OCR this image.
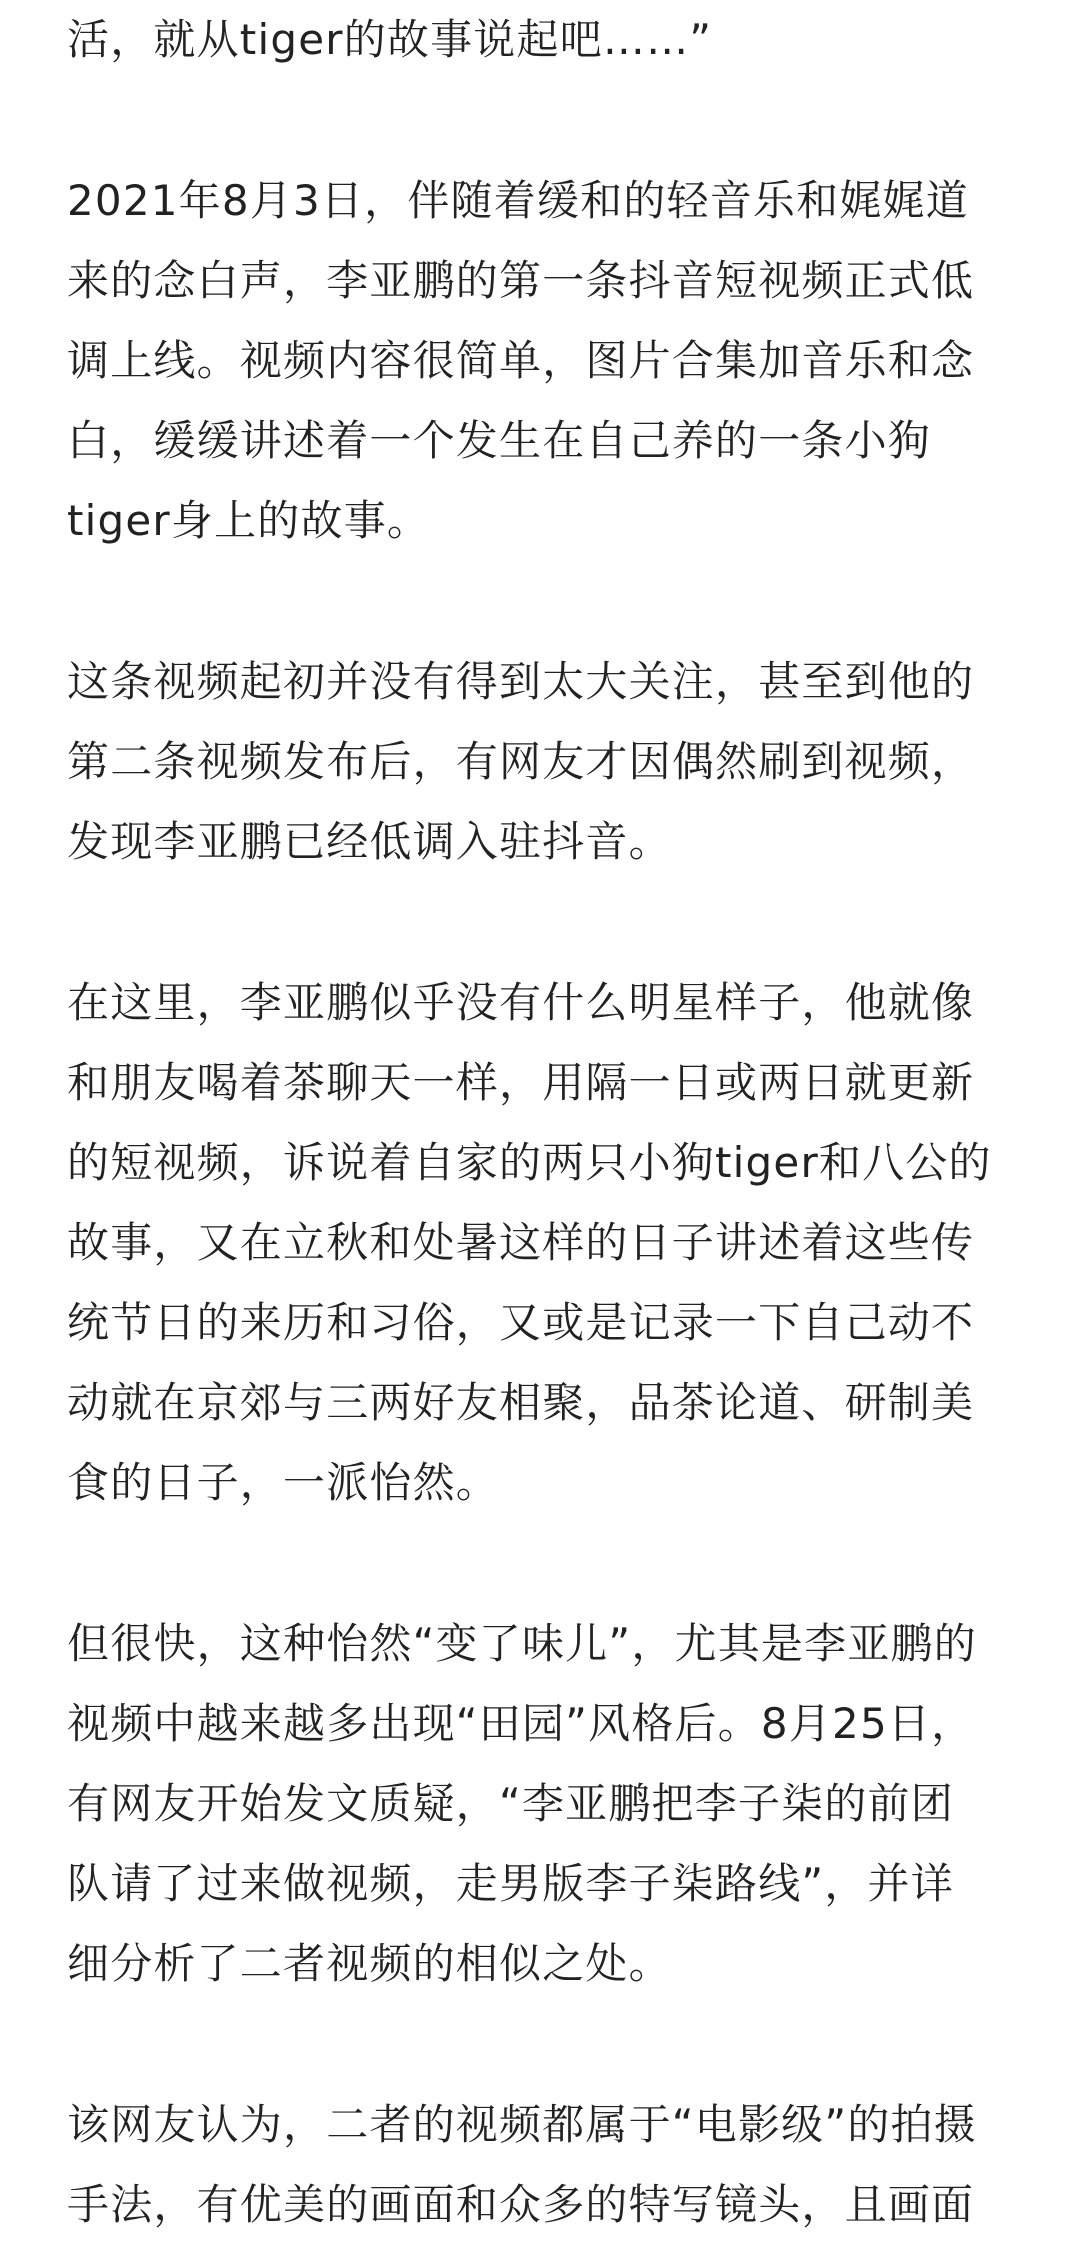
活，就从tiger的故事说起吧……”
2021年8月3日，伴随着缓和的轻音乐和娓娓道
来的念白声，李亚鹏的第一条抖音短视频正式低
调上线。视频内容很简单，图片合集加音乐和念
白，缓缓讲述着一个发生在自己养的一条小狗
tiger身上的故事。
这条视频起初并没有得到太大关注，甚至到他的
第二条视频发布后，有网友才因偶然刷到视频，
发现李亚鹏已经低调入驻抖音。
在这里，李亚鹏似乎没有什么明星样子，他就像
和朋友喝着茶聊天一样，用隔一日或两日就更新
的短视频，诉说着自家的两只小狗tiger和八公的
故事，又在立秋和处暑这样的日子讲述着这些传
统节日的来历和习俗，又或是记录一下自己动不
动就在京郊与三两好友相聚，品茶论道、研制美
食的日子，一派怡然。
但很快，这种怡然“变了味儿”，尤其是李亚鹏的
视频中越来越多出现“田园”风格后。8月25日，
有网友开始发文质疑，“李亚鹏把李子柒的前团
队请了过来做视频，走男版李子柒路线”，并详
细分析了二者视频的相似之处。
该网友认为，二者的视频都属于“电影级”的拍摄
手法，有优美的画面和众多的特写镜头，且画面
